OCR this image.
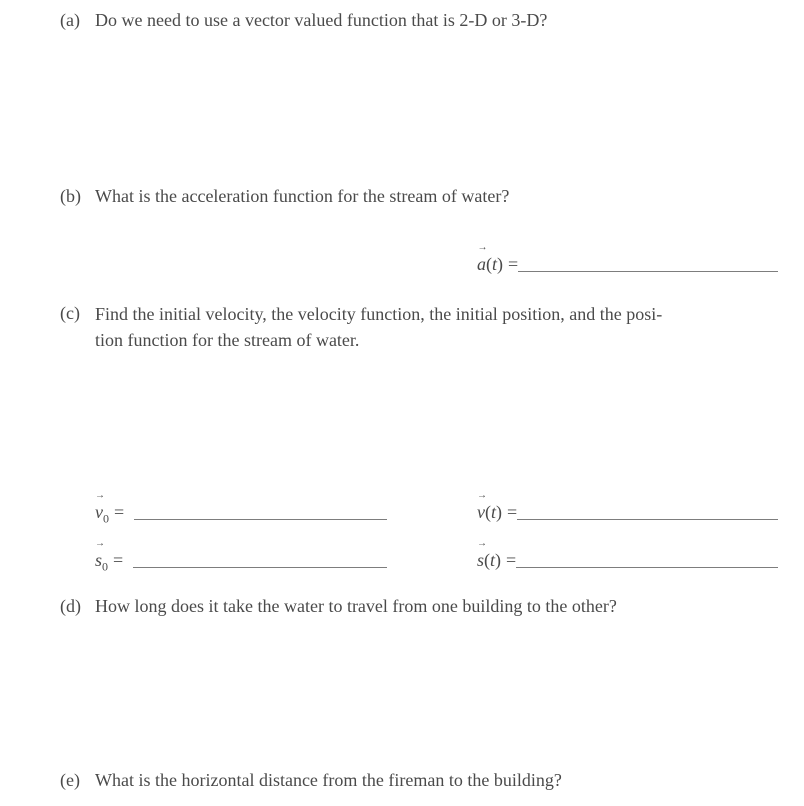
(a) Do we need to use a vector valued function that is 2-D or 3-D?
(b) What is the acceleration function for the stream of water?
→
a(t) =
(c) Find the initial velocity, the velocity function, the initial position, and the posi-
tion function for the stream of water.
→
$v_0$ =
→
v(t) =
→
$s_0$ =
→
s(t) =
(d) How long does it take the water to travel from one building to the other?
(e) What is the horizontal distance from the fireman to the building?
